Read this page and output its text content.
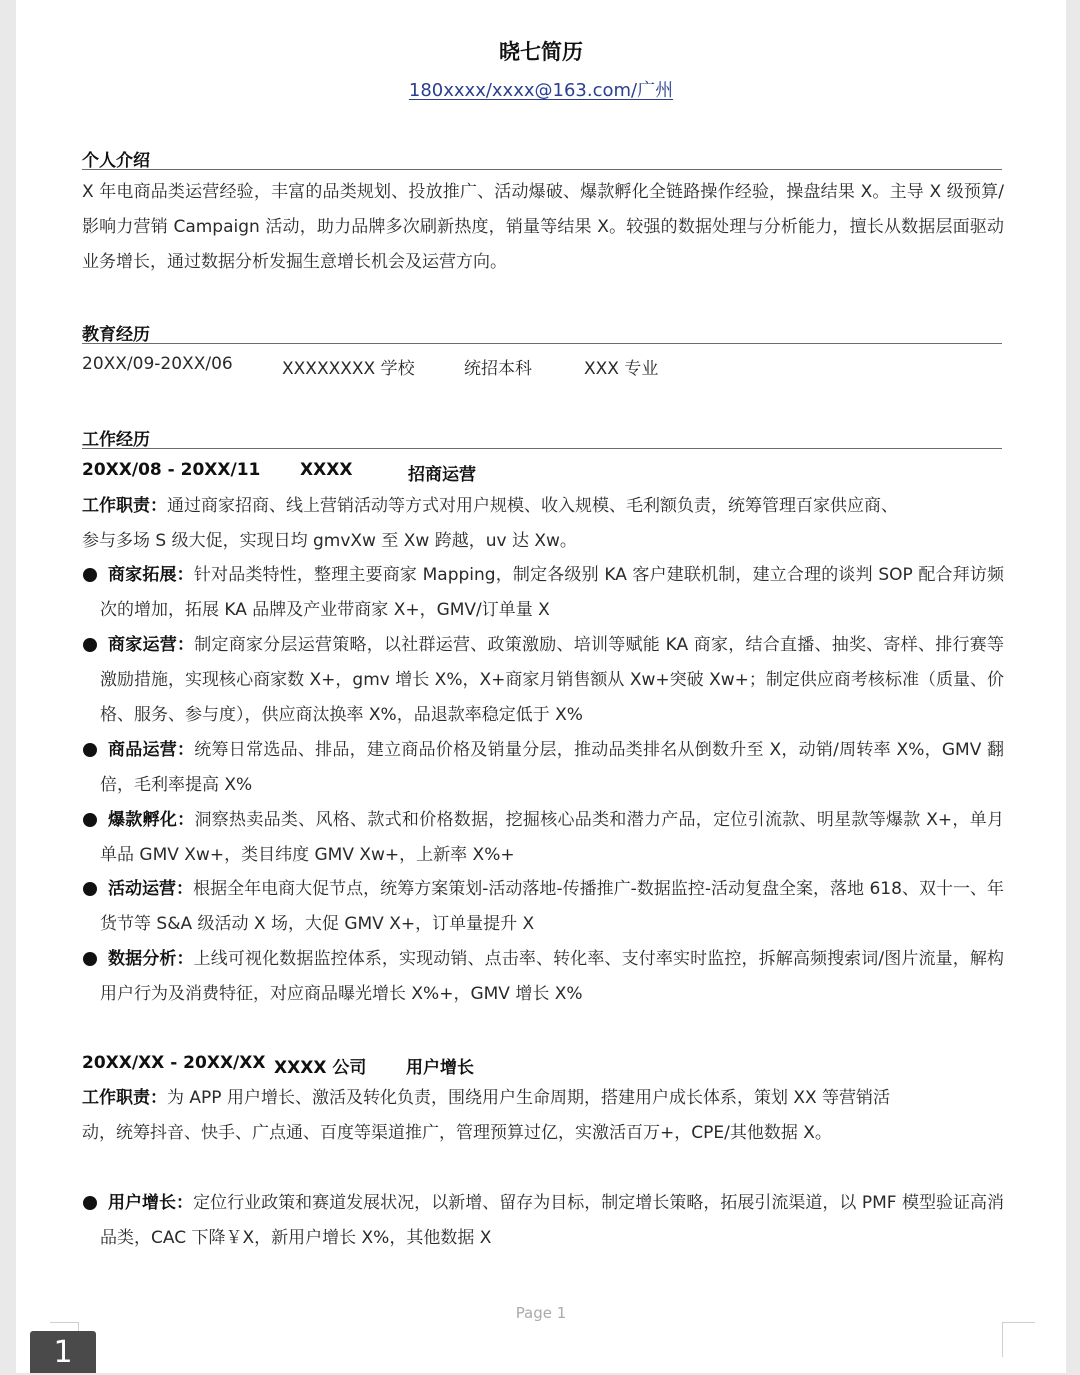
晓七简历
180xxxx/xxxx@163.com/广州
个人介绍
X 年电商品类运营经验，丰富的品类规划、投放推广、活动爆破、爆款孵化全链路操作经验，操盘结果 X。主导 X 级预算/影响力营销 Campaign 活动，助力品牌多次刷新热度，销量等结果 X。较强的数据处理与分析能力，擅长从数据层面驱动业务增长，通过数据分析发掘生意增长机会及运营方向。
教育经历
20XX/09-20XX/06	XXXXXXXX 学校	统招本科	XXX 专业
工作经历
20XX/08 - 20XX/11 XXXX	招商运营
工作职责：通过商家招商、线上营销活动等方式对用户规模、收入规模、毛利额负责，统筹管理百家供应商、参与多场 S 级大促，实现日均 gmvXw 至 Xw 跨越，uv 达 Xw。
商家拓展：针对品类特性，整理主要商家 Mapping，制定各级别 KA 客户建联机制，建立合理的谈判 SOP 配合拜访频次的增加，拓展 KA 品牌及产业带商家 X+，GMV/订单量 X
商家运营：制定商家分层运营策略，以社群运营、政策激励、培训等赋能 KA 商家，结合直播、抽奖、寄样、排行赛等激励措施，实现核心商家数 X+，gmv 增长 X%，X+商家月销售额从 Xw+突破 Xw+；制定供应商考核标准（质量、价格、服务、参与度），供应商汰换率 X%，品退款率稳定低于 X%
商品运营：统筹日常选品、排品，建立商品价格及销量分层，推动品类排名从倒数升至 X，动销/周转率 X%，GMV 翻倍，毛利率提高 X%
爆款孵化：洞察热卖品类、风格、款式和价格数据，挖掘核心品类和潜力产品，定位引流款、明星款等爆款 X+，单月单品 GMV Xw+，类目纬度 GMV Xw+，上新率 X%+
活动运营：根据全年电商大促节点，统筹方案策划-活动落地-传播推广-数据监控-活动复盘全案，落地 618、双十一、年货节等 S&A 级活动 X 场，大促 GMV X+，订单量提升 X
数据分析：上线可视化数据监控体系，实现动销、点击率、转化率、支付率实时监控，拆解高频搜索词/图片流量，解构用户行为及消费特征，对应商品曝光增长 X%+，GMV 增长 X%
20XX/XX - 20XX/XX XXXX 公司 用户增长
工作职责：为 APP 用户增长、激活及转化负责，围绕用户生命周期，搭建用户成长体系，策划 XX 等营销活动，统筹抖音、快手、广点通、百度等渠道推广，管理预算过亿，实激活百万+，CPE/其他数据 X。
用户增长：定位行业政策和赛道发展状况，以新增、留存为目标，制定增长策略，拓展引流渠道，以 PMF 模型验证高消品类，CAC 下降￥X，新用户增长 X%，其他数据 X
Page 1
1
